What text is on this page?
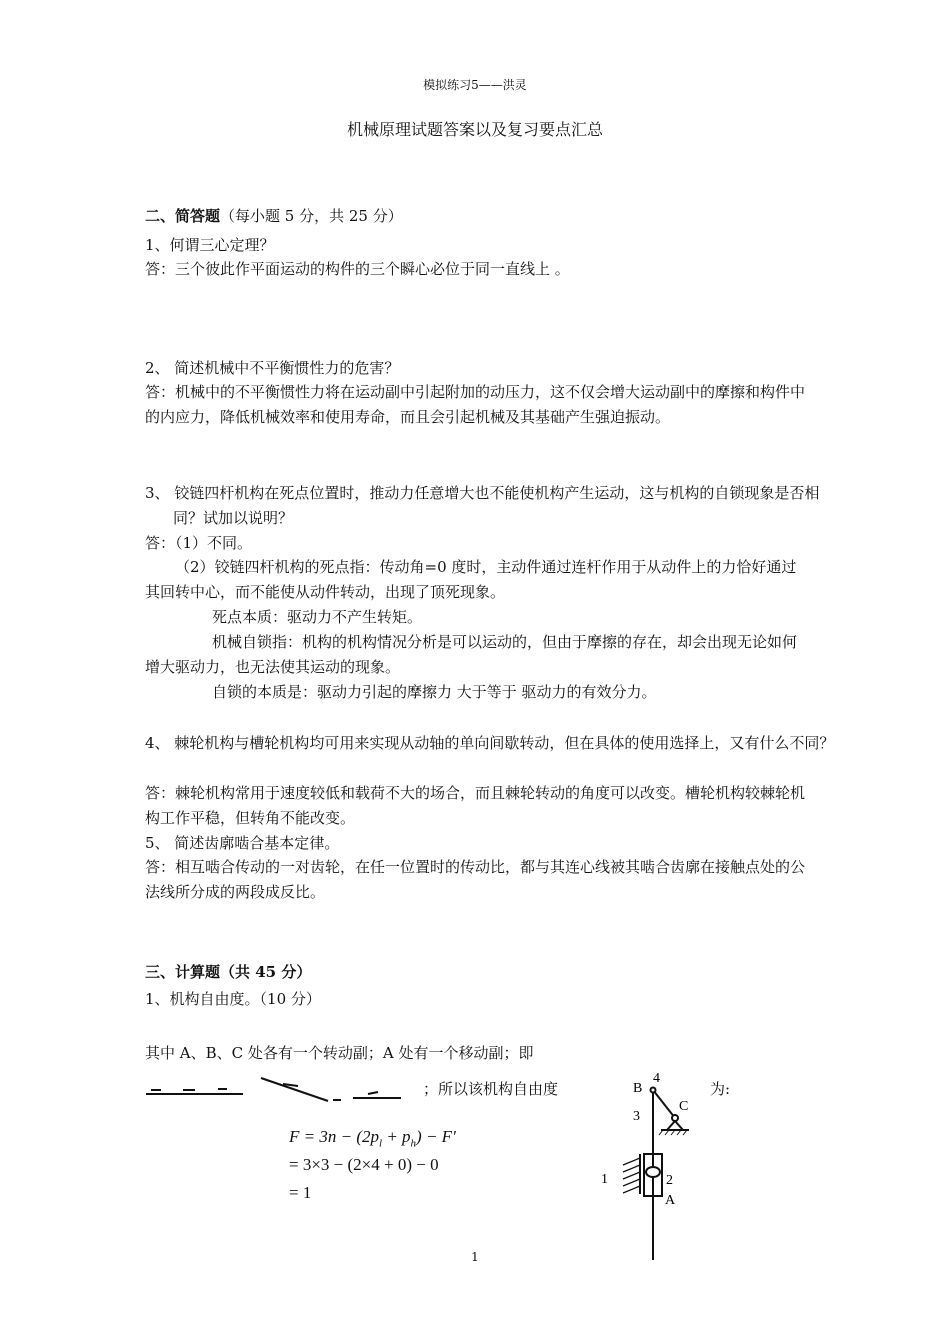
模拟练习5——洪灵
机械原理试题答案以及复习要点汇总
二、简答题（每小题 5 分，共 25 分）
1、何谓三心定理？
答：三个彼此作平面运动的构件的三个瞬心必位于同一直线上 。
2、 简述机械中不平衡惯性力的危害？
答：机械中的不平衡惯性力将在运动副中引起附加的动压力，这不仅会增大运动副中的摩擦和构件中的内应力，降低机械效率和使用寿命，而且会引起机械及其基础产生强迫振动。
3、 铰链四杆机构在死点位置时，推动力任意增大也不能使机构产生运动，这与机构的自锁现象是否相同？试加以说明？
答：（1）不同。
（2）铰链四杆机构的死点指：传动角=0 度时，主动件通过连杆作用于从动件上的力恰好通过其回转中心，而不能使从动件转动，出现了顶死现象。
死点本质：驱动力不产生转矩。
机械自锁指：机构的机构情况分析是可以运动的，但由于摩擦的存在，却会出现无论如何增大驱动力，也无法使其运动的现象。
自锁的本质是：驱动力引起的摩擦力 大于等于 驱动力的有效分力。
4、 棘轮机构与槽轮机构均可用来实现从动轴的单向间歇转动，但在具体的使用选择上，又有什么不同？
答：棘轮机构常用于速度较低和载荷不大的场合，而且棘轮转动的角度可以改变。槽轮机构较棘轮机构工作平稳，但转角不能改变。
5、 简述齿廓啮合基本定律。
答：相互啮合传动的一对齿轮，在任一位置时的传动比，都与其连心线被其啮合齿廓在接触点处的公法线所分成的两段成反比。
三、计算题（共 45 分）
1、机构自由度。（10 分）
其中 A、B、C 处各有一个转动副；A 处有一个移动副；即
；所以该机构自由度	为:
$F = 3n - (2p_l + p_h) - F'$
= 3×3 − (2×4 + 0) − 0
= 1
B
4
C
3
1	2
A
1
